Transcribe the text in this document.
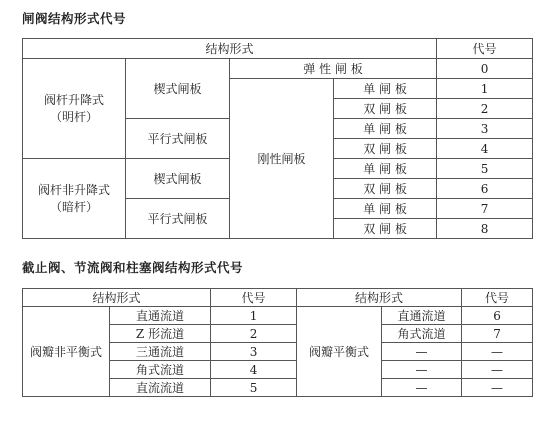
闸阀结构形式代号
结构形式				代号

阀杆升降式
（明杆）	楔式闸板	弹 性 闸 板		0
		刚性闸板	单 闸 板	1
			双 闸 板	2
	平行式闸板		单 闸 板	3
			双 闸 板	4

阀杆非升降式
（暗杆）	楔式闸板		单 闸 板	5
			双 闸 板	6
	平行式闸板		单 闸 板	7
			双 闸 板	8
截止阀、节流阀和柱塞阀结构形式代号
结构形式		代号	结构形式		代号
阀瓣非平衡式	直通流道	1	阀瓣平衡式	直通流道	6
	Z 形流道	2		角式流道	7
	三通流道	3		—	—
	角式流道	4		—	—
	直流流道	5		—	—
